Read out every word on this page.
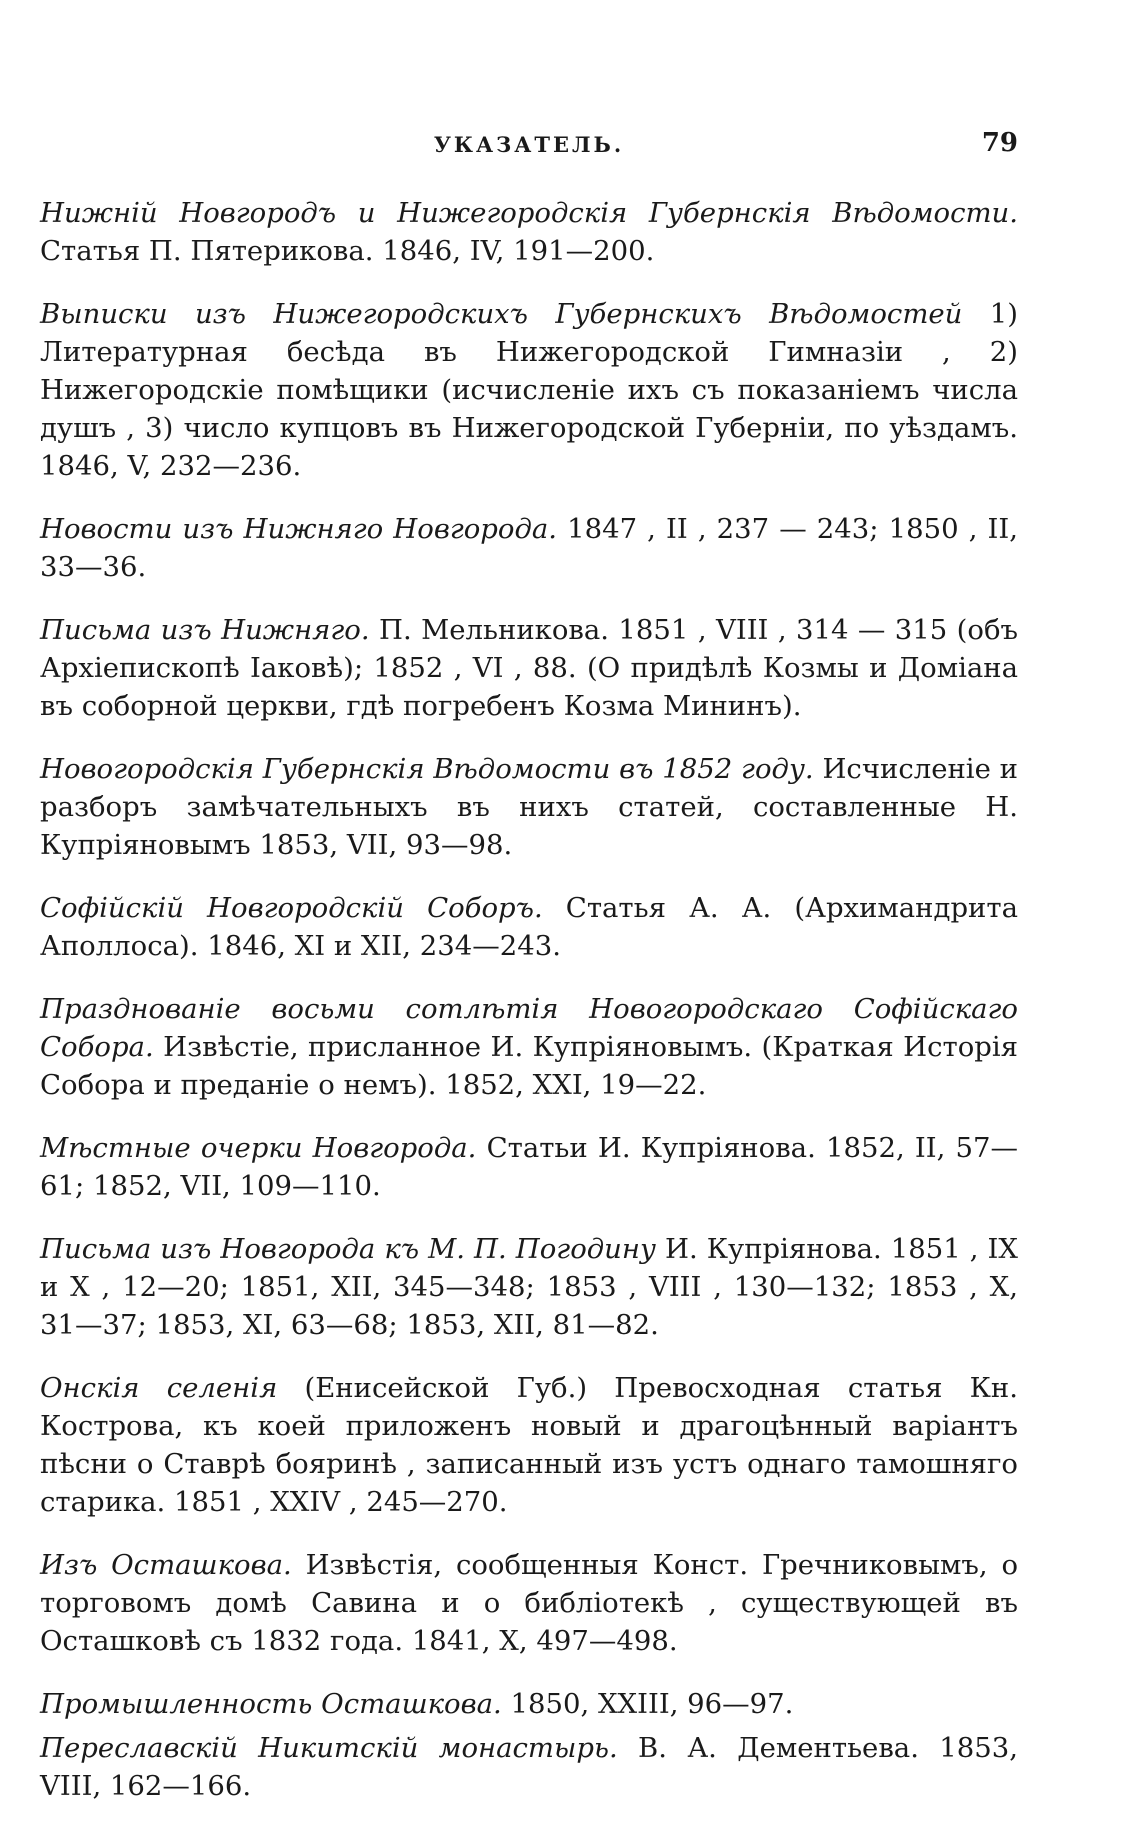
УКАЗАТЕЛЬ.	79

Нижній Новгородъ и Нижегородскія Губернскія Вѣдомости. Статья П. Пятерикова. 1846, IV, 191—200.

Выписки изъ Нижегородскихъ Губернскихъ Вѣдомостей 1) Литературная бесѣда въ Нижегородской Гимназіи , 2) Нижегородскіе помѣщики (исчисленіе ихъ съ показаніемъ числа душъ , 3) число купцовъ въ Нижегородской Губерніи, по уѣздамъ. 1846, V, 232—236.

Новости изъ Нижняго Новгорода. 1847 , II , 237 — 243; 1850 , II, 33—36.

Письма изъ Нижняго. П. Мельникова. 1851 , VIII , 314 — 315 (объ Архіепископѣ Іаковѣ); 1852 , VI , 88. (О придѣлѣ Козмы и Доміана въ соборной церкви, гдѣ погребенъ Козма Мининъ).

Новогородскія Губернскія Вѣдомости въ 1852 году. Исчисленіе и разборъ замѣчательныхъ въ нихъ статей, составленные Н. Купріяновымъ 1853, VII, 93—98.

Софійскій Новгородскій Соборъ. Статья А. А. (Архимандрита Аполлоса). 1846, XI и XII, 234—243.

Празднованіе восьми сотлѣтія Новогородскаго Софійскаго Собора. Извѣстіе, присланное И. Купріяновымъ. (Краткая Исторія Собора и преданіе о немъ). 1852, XXI, 19—22.

Мѣстные очерки Новгорода. Статьи И. Купріянова. 1852, II, 57—61; 1852, VII, 109—110.

Письма изъ Новгорода къ М. П. Погодину И. Купріянова. 1851 , IX и X , 12—20; 1851, XII, 345—348; 1853 , VIII , 130—132; 1853 , X, 31—37; 1853, XI, 63—68; 1853, XII, 81—82.

Онскія селенія (Енисейской Губ.) Превосходная статья Кн. Кострова, къ коей приложенъ новый и драгоцѣнный варіантъ пѣсни о Ставрѣ бояринѣ , записанный изъ устъ однаго тамошняго старика. 1851 , XXIV , 245—270.

Изъ Осташкова. Извѣстія, сообщенныя Конст. Гречниковымъ, о торговомъ домѣ Савина и о библіотекѣ , существующей въ Осташковѣ съ 1832 года. 1841, X, 497—498.

Промышленность Осташкова. 1850, XXIII, 96—97.

Переславскій Никитскій монастырь. В. А. Дементьева. 1853, VIII, 162—166.
